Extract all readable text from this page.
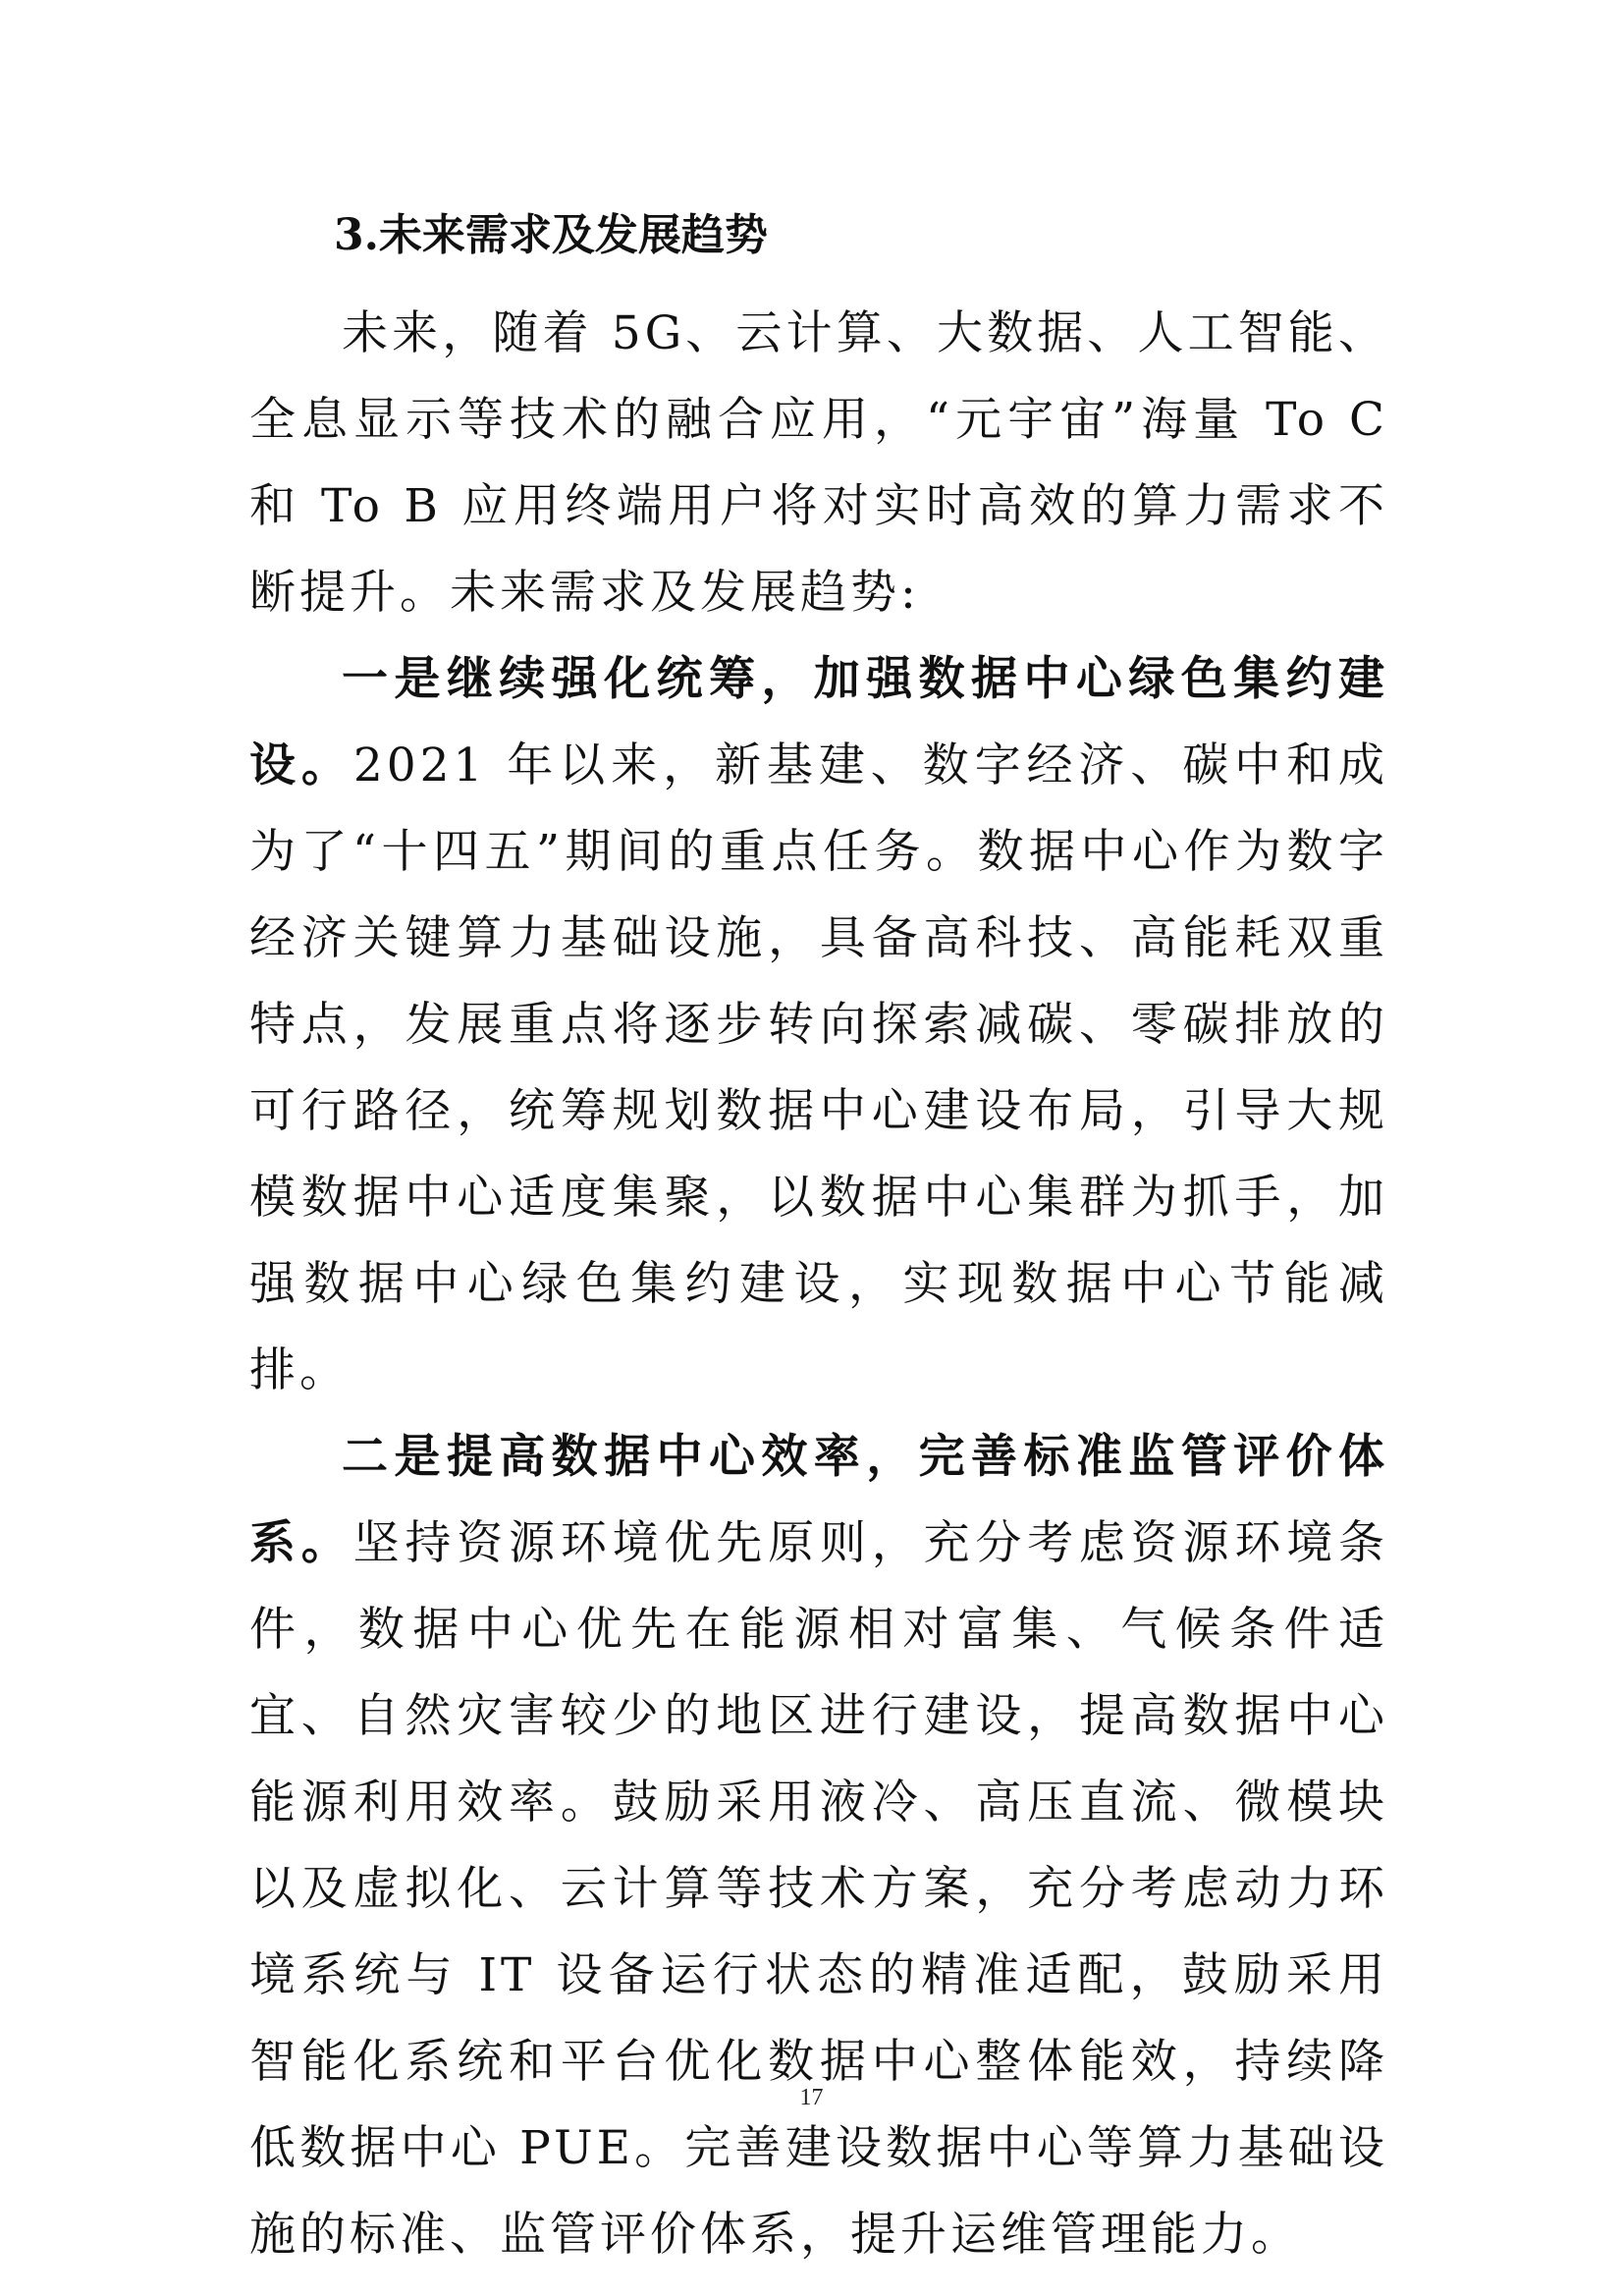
3.未来需求及发展趋势

未来，随着 5G、云计算、大数据、人工智能、全息显示等技术的融合应用，“元宇宙”海量 To C 和 To B 应用终端用户将对实时高效的算力需求不断提升。未来需求及发展趋势:

一是继续强化统筹，加强数据中心绿色集约建设。2021 年以来，新基建、数字经济、碳中和成为了“十四五”期间的重点任务。数据中心作为数字经济关键算力基础设施，具备高科技、高能耗双重特点，发展重点将逐步转向探索减碳、零碳排放的可行路径，统筹规划数据中心建设布局，引导大规模数据中心适度集聚，以数据中心集群为抓手，加强数据中心绿色集约建设，实现数据中心节能减排。

二是提高数据中心效率，完善标准监管评价体系。坚持资源环境优先原则，充分考虑资源环境条件，数据中心优先在能源相对富集、气候条件适宜、自然灾害较少的地区进行建设，提高数据中心能源利用效率。鼓励采用液冷、高压直流、微模块以及虚拟化、云计算等技术方案，充分考虑动力环境系统与 IT 设备运行状态的精准适配，鼓励采用智能化系统和平台优化数据中心整体能效，持续降低数据中心 PUE。完善建设数据中心等算力基础设施的标准、监管评价体系，提升运维管理能力。

17
